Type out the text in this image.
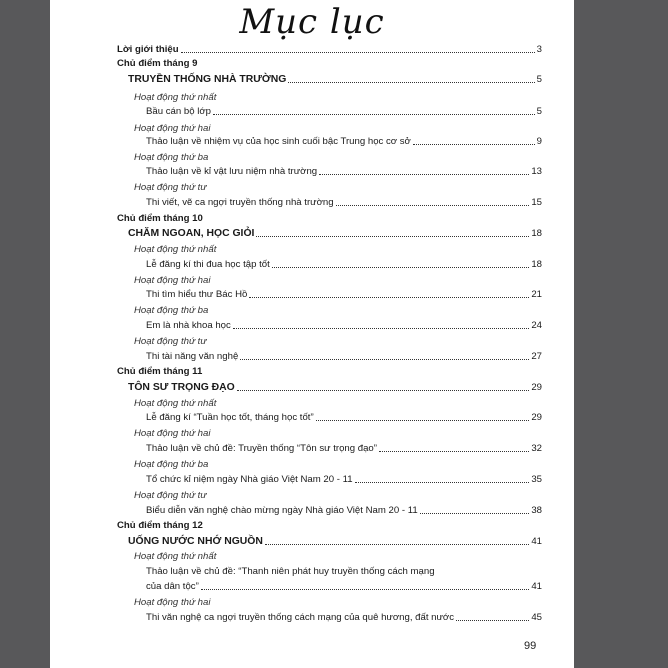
Mục lục
Lời giới thiệu	3
Chủ điểm tháng 9
TRUYỀN THỐNG NHÀ TRƯỜNG	5
Hoạt động thứ nhất
Bầu cán bộ lớp	5
Hoạt động thứ hai
Thảo luận về nhiệm vụ của học sinh cuối bậc Trung học cơ sở	9
Hoạt động thứ ba
Thảo luận về kỉ vật lưu niệm nhà trường	13
Hoạt động thứ tư
Thi viết, vẽ ca ngợi truyền thống nhà trường	15
Chủ điểm tháng 10
CHĂM NGOAN, HỌC GIỎI	18
Hoạt động thứ nhất
Lễ đăng kí thi đua học tập tốt	18
Hoạt động thứ hai
Thi tìm hiểu thư Bác Hồ	21
Hoạt động thứ ba
Em là nhà khoa học	24
Hoạt động thứ tư
Thi tài năng văn nghệ	27
Chủ điểm tháng 11
TÔN SƯ TRỌNG ĐẠO	29
Hoạt động thứ nhất
Lễ đăng kí “Tuần học tốt, tháng học tốt”	29
Hoạt động thứ hai
Thảo luận về chủ đề: Truyền thống “Tôn sư trọng đạo”	32
Hoạt động thứ ba
Tổ chức kỉ niệm ngày Nhà giáo Việt Nam 20 - 11	35
Hoạt động thứ tư
Biểu diễn văn nghệ chào mừng ngày Nhà giáo Việt Nam 20 - 11	38
Chủ điểm tháng 12
UỐNG NƯỚC NHỚ NGUỒN	41
Hoạt động thứ nhất
Thảo luận về chủ đề: “Thanh niên phát huy truyền thống cách mạng
của dân tộc”	41
Hoạt động thứ hai
Thi văn nghệ ca ngợi truyền thống cách mạng của quê hương, đất nước	45
99
